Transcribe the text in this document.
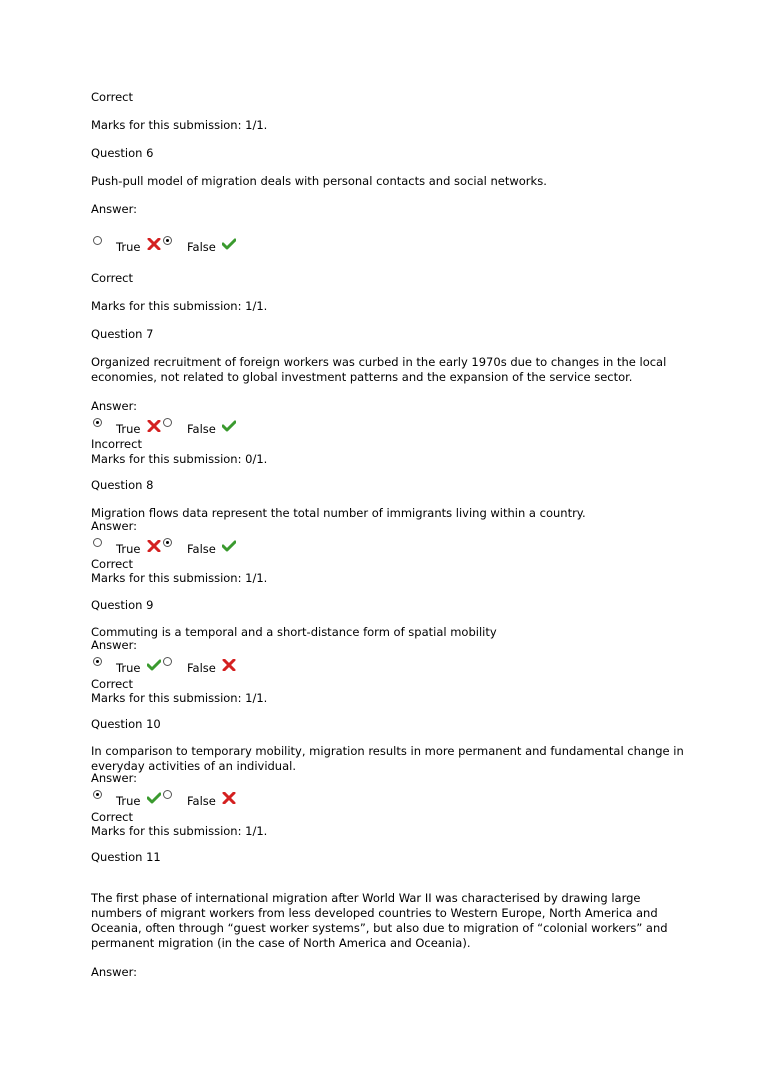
Correct
Marks for this submission: 1/1.
Question 6
Push-pull model of migration deals with personal contacts and social networks.
Answer:
True	False
Correct
Marks for this submission: 1/1.
Question 7
Organized recruitment of foreign workers was curbed in the early 1970s due to changes in the local economies, not related to global investment patterns and the expansion of the service sector.
Answer:
True	False
Incorrect
Marks for this submission: 0/1.
Question 8
Migration flows data represent the total number of immigrants living within a country.
Answer:
True	False
Correct
Marks for this submission: 1/1.
Question 9
Commuting is a temporal and a short-distance form of spatial mobility
Answer:
True	False
Correct
Marks for this submission: 1/1.
Question 10
In comparison to temporary mobility, migration results in more permanent and fundamental change in everyday activities of an individual.
Answer:
True	False
Correct
Marks for this submission: 1/1.
Question 11
The first phase of international migration after World War II was characterised by drawing large numbers of migrant workers from less developed countries to Western Europe, North America and Oceania, often through “guest worker systems”, but also due to migration of “colonial workers” and permanent migration (in the case of North America and Oceania).
Answer:
